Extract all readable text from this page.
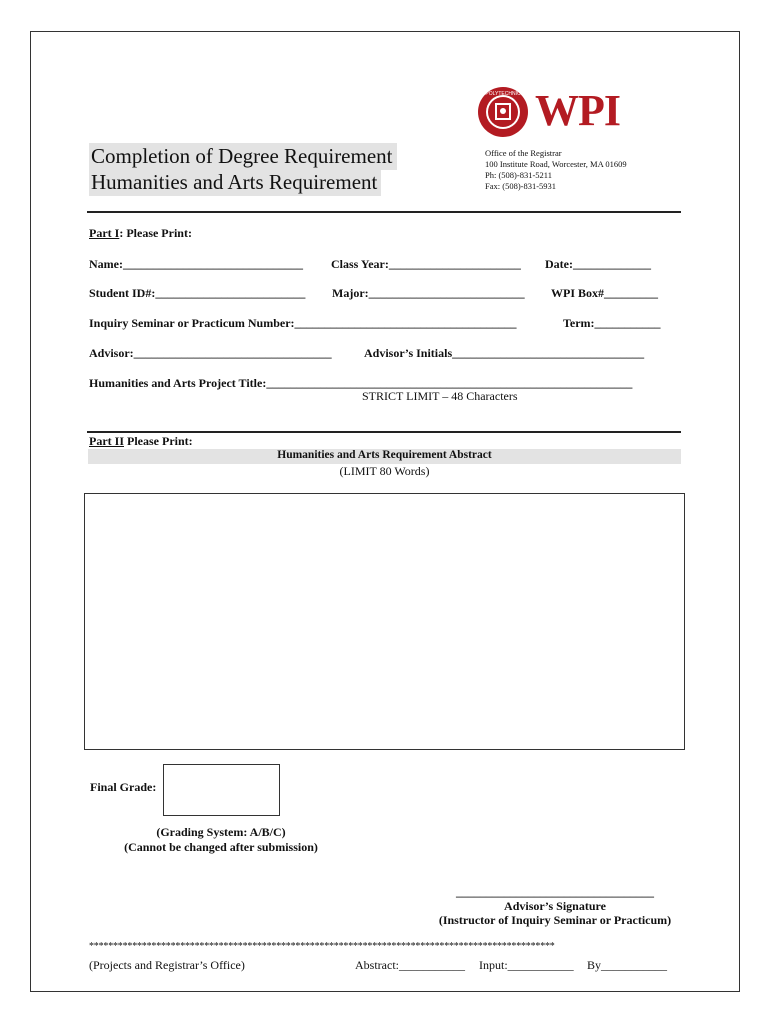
POLYTECHNIC WPI
Completion of Degree Requirement
Humanities and Arts Requirement
Office of the Registrar
100 Institute Road, Worcester, MA 01609
Ph: (508)-831-5211
Fax: (508)-831-5931
Part I: Please Print:
Name:______________________________ Class Year:______________________ Date:_____________
Student ID#:_________________________ Major:__________________________ WPI Box#_________
Inquiry Seminar or Practicum Number:_____________________________________	Term:___________
Advisor:_________________________________	Advisor’s Initials________________________________
Humanities and Arts Project Title:_____________________________________________________________
STRICT LIMIT – 48 Characters
Part II Please Print:
Humanities and Arts Requirement Abstract
(LIMIT 80 Words)
Final Grade:
(Grading System: A/B/C)
(Cannot be changed after submission)
_________________________________
Advisor’s Signature
(Instructor of Inquiry Seminar or Practicum)
*************************************************************************************************
(Projects and Registrar’s Office)	Abstract:___________ Input:___________ By___________
